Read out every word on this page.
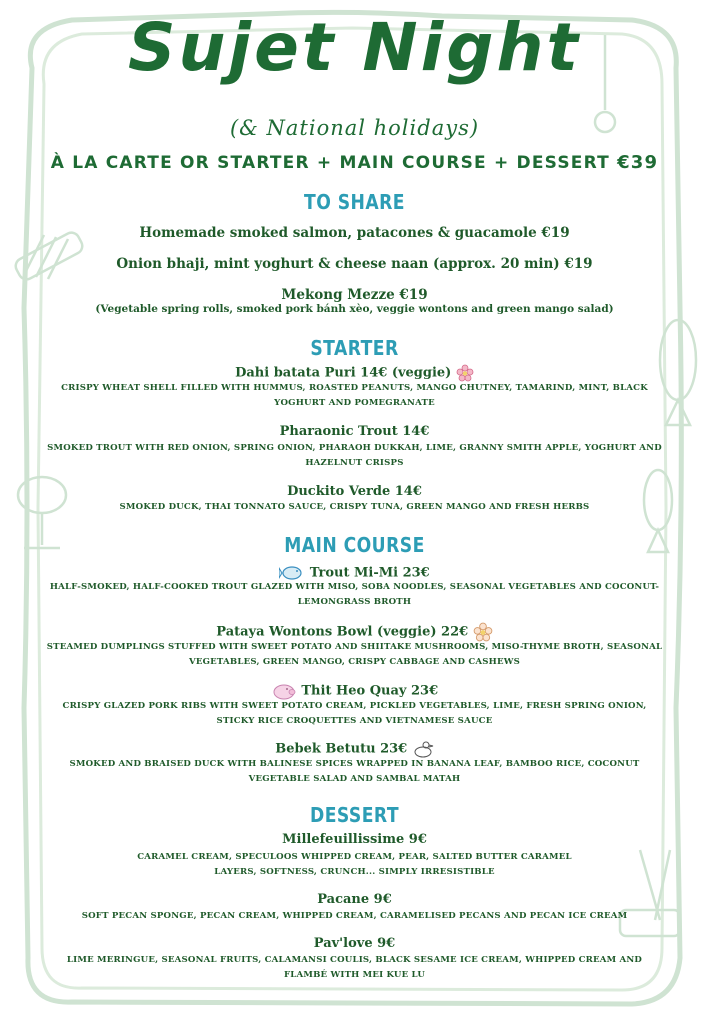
Sujet Night
(& National holidays)
À LA CARTE OR STARTER + MAIN COURSE + DESSERT €39
TO SHARE
Homemade smoked salmon, patacones & guacamole €19
Onion bhaji, mint yoghurt & cheese naan (approx. 20 min) €19
Mekong Mezze €19
(Vegetable spring rolls, smoked pork bánh xèo, veggie wontons and green mango salad)
STARTER
Dahi batata Puri 14€ (veggie)
CRISPY WHEAT SHELL FILLED WITH HUMMUS, ROASTED PEANUTS, MANGO CHUTNEY, TAMARIND, MINT, BLACK YOGHURT AND POMEGRANATE
Pharaonic Trout 14€
SMOKED TROUT WITH RED ONION, SPRING ONION, PHARAOH DUKKAH, LIME, GRANNY SMITH APPLE, YOGHURT AND HAZELNUT CRISPS
Duckito Verde 14€
SMOKED DUCK, THAI TONNATO SAUCE, CRISPY TUNA, GREEN MANGO AND FRESH HERBS
MAIN COURSE
Trout Mi-Mi 23€
HALF-SMOKED, HALF-COOKED TROUT GLAZED WITH MISO, SOBA NOODLES, SEASONAL VEGETABLES AND COCONUT-LEMONGRASS BROTH
Pataya Wontons Bowl (veggie) 22€
STEAMED DUMPLINGS STUFFED WITH SWEET POTATO AND SHIITAKE MUSHROOMS, MISO-THYME BROTH, SEASONAL VEGETABLES, GREEN MANGO, CRISPY CABBAGE AND CASHEWS
Thit Heo Quay 23€
CRISPY GLAZED PORK RIBS WITH SWEET POTATO CREAM, PICKLED VEGETABLES, LIME, FRESH SPRING ONION, STICKY RICE CROQUETTES AND VIETNAMESE SAUCE
Bebek Betutu 23€
SMOKED AND BRAISED DUCK WITH BALINESE SPICES WRAPPED IN BANANA LEAF, BAMBOO RICE, COCONUT VEGETABLE SALAD AND SAMBAL MATAH
DESSERT
Millefeuillissime 9€
CARAMEL CREAM, SPECULOOS WHIPPED CREAM, PEAR, SALTED BUTTER CARAMEL LAYERS, SOFTNESS, CRUNCH... SIMPLY IRRESISTIBLE
Pacane 9€
SOFT PECAN SPONGE, PECAN CREAM, WHIPPED CREAM, CARAMELISED PECANS AND PECAN ICE CREAM
Pav'love 9€
LIME MERINGUE, SEASONAL FRUITS, CALAMANSI COULIS, BLACK SESAME ICE CREAM, WHIPPED CREAM AND FLAMBÉ WITH MEI KUE LU
